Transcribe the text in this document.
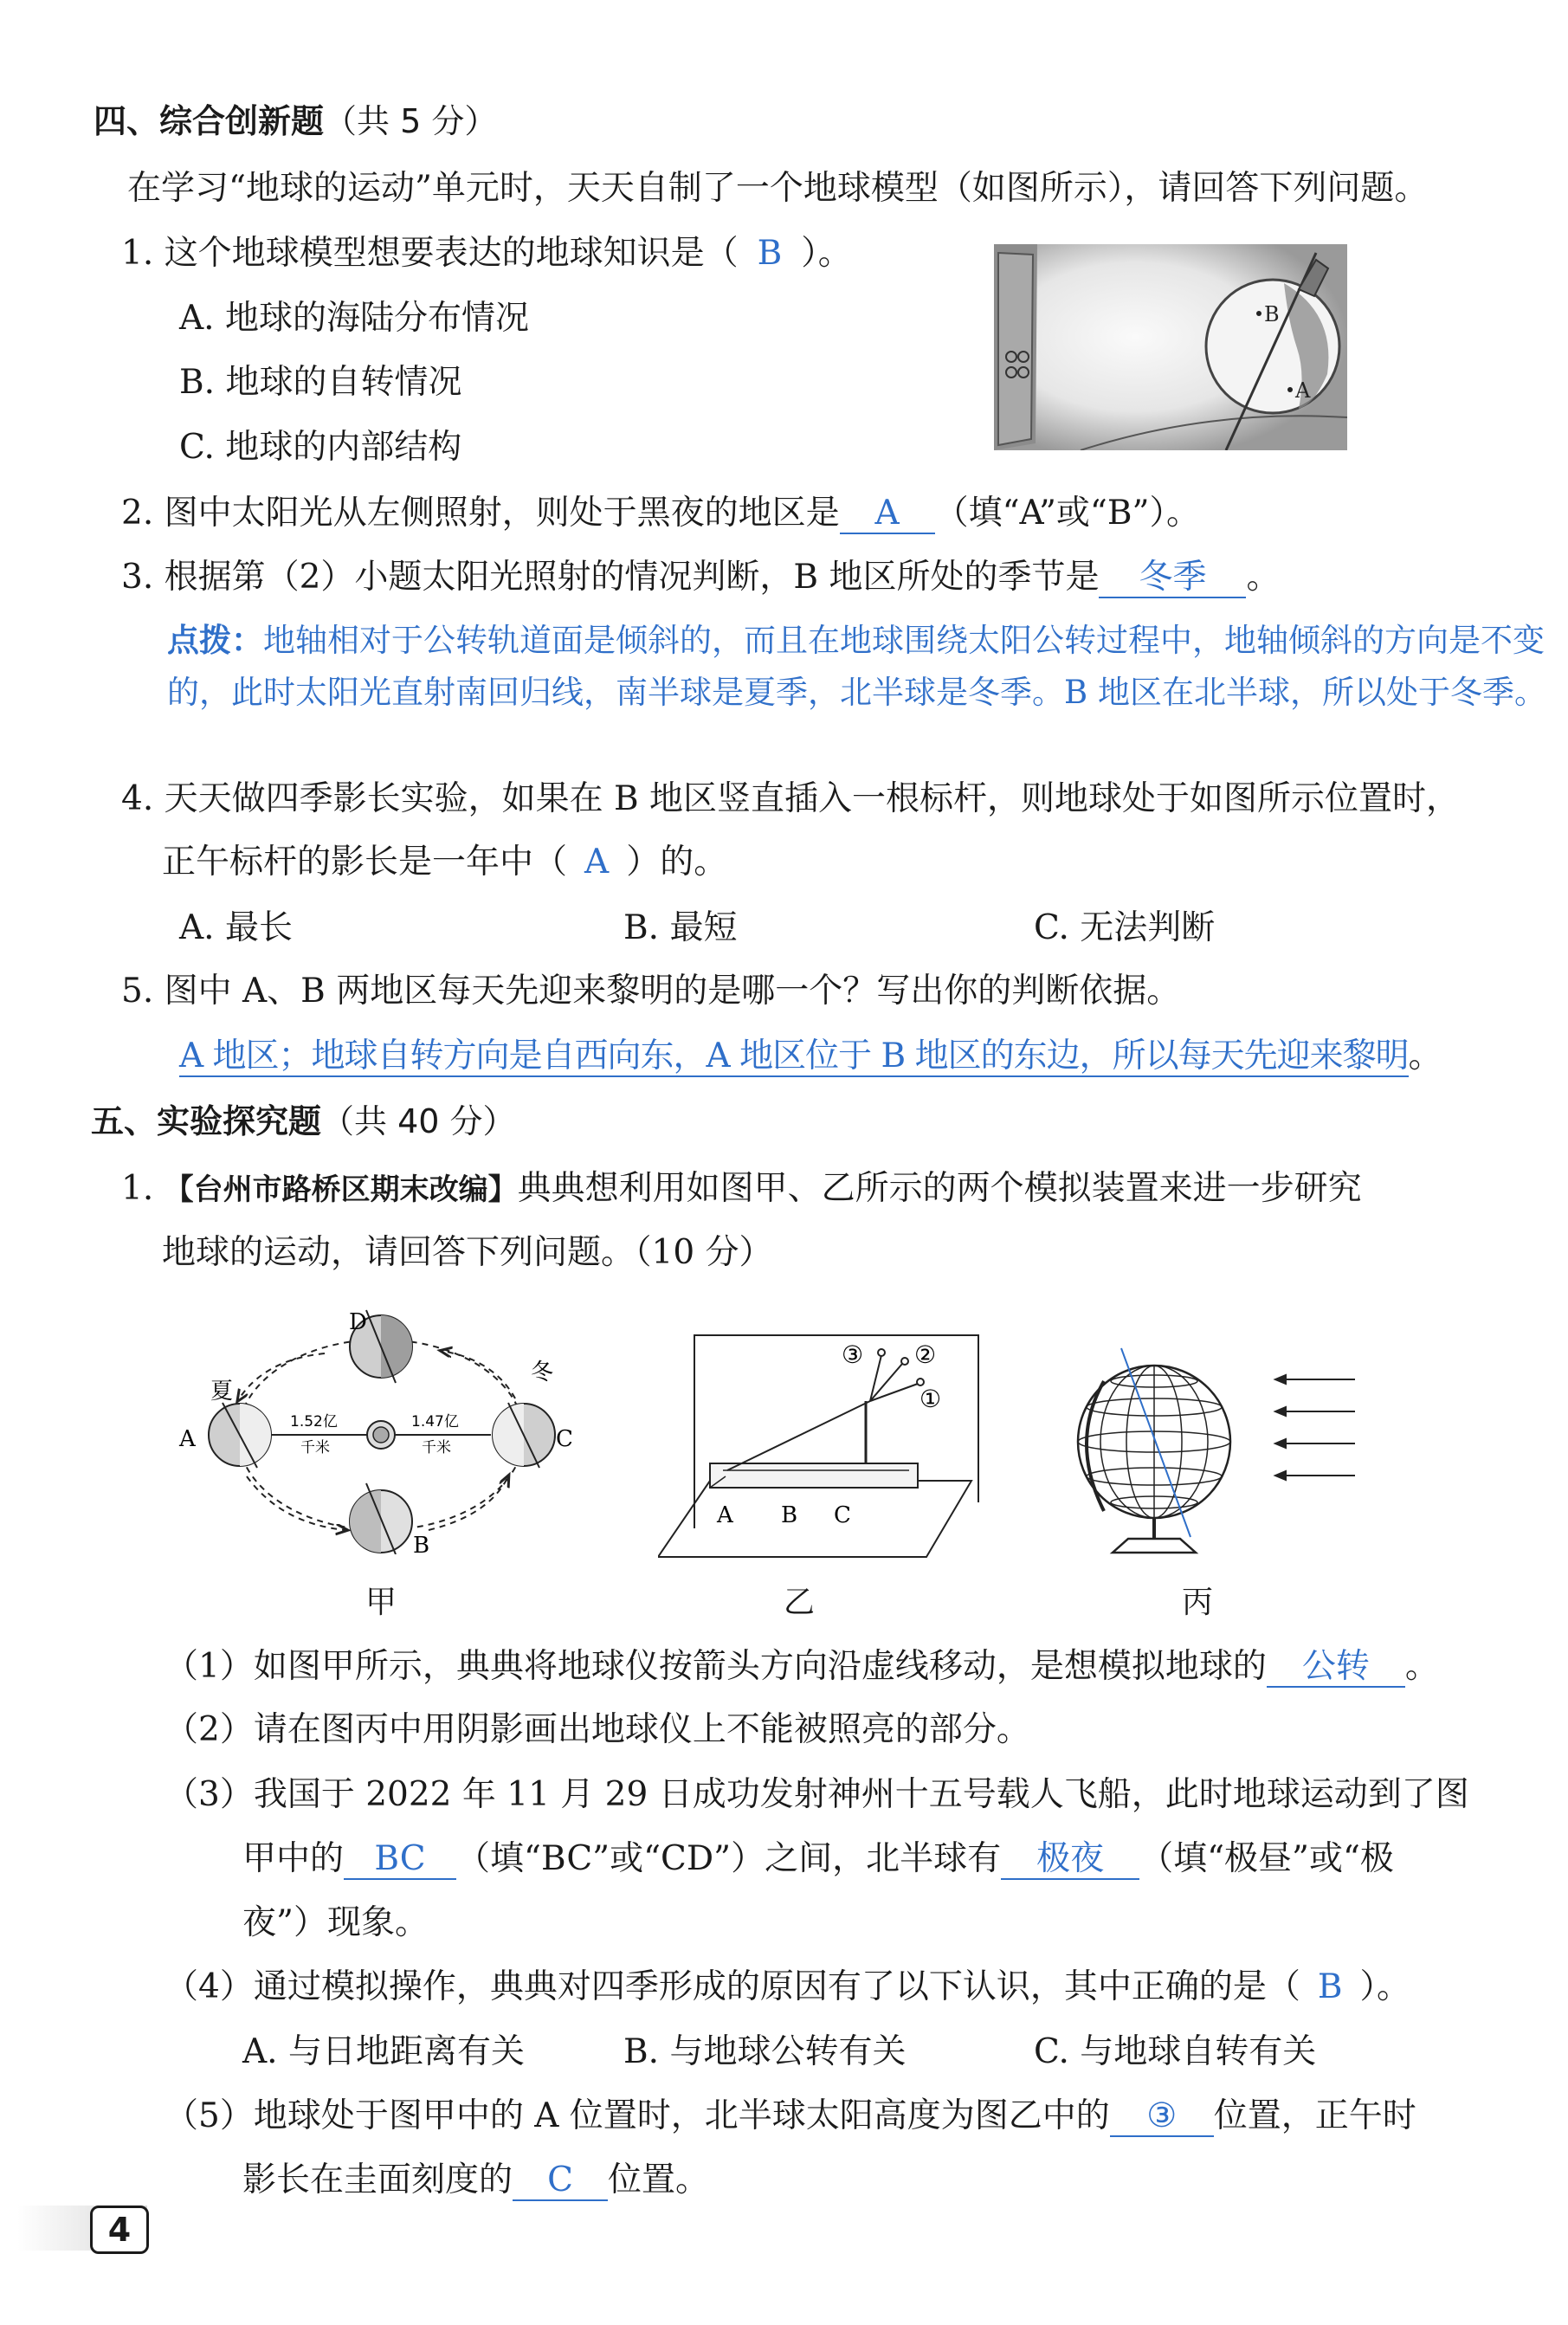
四、综合创新题（共 5 分）
在学习“地球的运动”单元时，天天自制了一个地球模型（如图所示），请回答下列问题。
1. 这个地球模型想要表达的地球知识是（ B ）。
A. 地球的海陆分布情况
B. 地球的自转情况
C. 地球的内部结构
B
A
2. 图中太阳光从左侧照射，则处于黑夜的地区是 A （填“A”或“B”）。
3. 根据第（2）小题太阳光照射的情况判断，B 地区所处的季节是 冬季 。
点拨：地轴相对于公转轨道面是倾斜的，而且在地球围绕太阳公转过程中，地轴倾斜的方向是不变的，此时太阳光直射南回归线，南半球是夏季，北半球是冬季。B 地区在北半球，所以处于冬季。
4. 天天做四季影长实验，如果在 B 地区竖直插入一根标杆，则地球处于如图所示位置时，
正午标杆的影长是一年中（ A ）的。
A. 最长	B. 最短	C. 无法判断
5. 图中 A、B 两地区每天先迎来黎明的是哪一个？写出你的判断依据。
A 地区；地球自转方向是自西向东，A 地区位于 B 地区的东边，所以每天先迎来黎明。
五、实验探究题（共 40 分）
1. 【台州市路桥区期末改编】典典想利用如图甲、乙所示的两个模拟装置来进一步研究
地球的运动，请回答下列问题。（10 分）
A	C
D
B
夏
冬
1.52亿
千米
1.47亿
千米
③ ②
①
A B C
甲	乙	丙
（1）如图甲所示，典典将地球仪按箭头方向沿虚线移动，是想模拟地球的 公转 。
（2）请在图丙中用阴影画出地球仪上不能被照亮的部分。
（3）我国于 2022 年 11 月 29 日成功发射神州十五号载人飞船，此时地球运动到了图
甲中的 BC （填“BC”或“CD”）之间，北半球有 极夜 （填“极昼”或“极
夜”）现象。
（4）通过模拟操作，典典对四季形成的原因有了以下认识，其中正确的是（ B ）。
A. 与日地距离有关	B. 与地球公转有关	C. 与地球自转有关
（5）地球处于图甲中的 A 位置时，北半球太阳高度为图乙中的 ③ 位置，正午时
影长在圭面刻度的 C 位置。
4
